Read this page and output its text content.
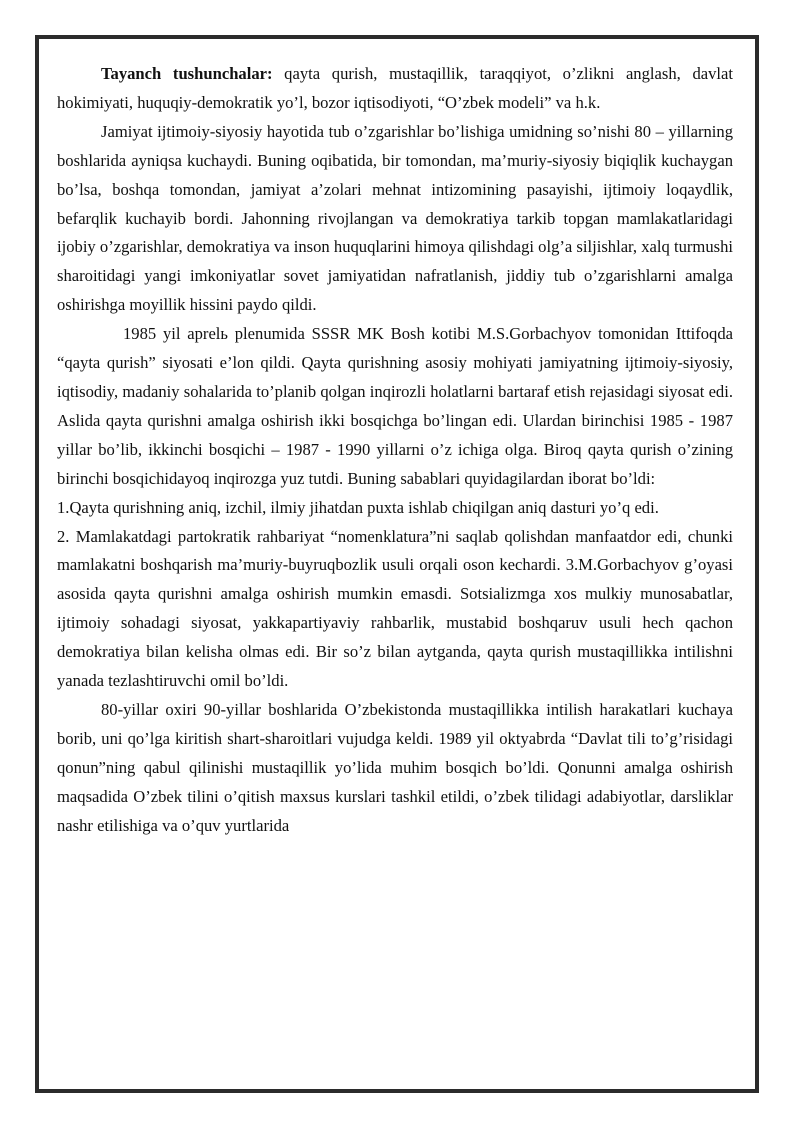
Tayanch tushunchalar: qayta qurish, mustaqillik, taraqqiyot, o’zlikni anglash, davlat hokimiyati, huquqiy-demokratik yo’l, bozor iqtisodiyoti, “O’zbek modeli” va h.k.

Jamiyat ijtimoiy-siyosiy hayotida tub o’zgarishlar bo’lishiga umidning so’nishi 80 – yillarning boshlarida ayniqsa kuchaydi. Buning oqibatida, bir tomondan, ma’muriy-siyosiy biqiqlik kuchaygan bo’lsa, boshqa tomondan, jamiyat a’zolari mehnat intizomining pasayishi, ijtimoiy loqaydlik, befarqlik kuchayib bordi. Jahonning rivojlangan va demokratiya tarkib topgan mamlakatlaridagi ijobiy o’zgarishlar, demokratiya va inson huquqlarini himoya qilishdagi olg’a siljishlar, xalq turmushi sharoitidagi yangi imkoniyatlar sovet jamiyatidan nafratlanish, jiddiy tub o’zgarishlarni amalga oshirishga moyillik hissini paydo qildi.

1985 yil aprelь plenumida SSSR MK Bosh kotibi M.S.Gorbachyov tomonidan Ittifoqda “qayta qurish” siyosati e’lon qildi. Qayta qurishning asosiy mohiyati jamiyatning ijtimoiy-siyosiy, iqtisodiy, madaniy sohalarida to’planib qolgan inqirozli holatlarni bartaraf etish rejasidagi siyosat edi. Aslida qayta qurishni amalga oshirish ikki bosqichga bo’lingan edi. Ulardan birinchisi 1985 - 1987 yillar bo’lib, ikkinchi bosqichi – 1987 - 1990 yillarni o’z ichiga olga. Biroq qayta qurish o’zining birinchi bosqichidayoq inqirozga yuz tutdi. Buning sabablari quyidagilardan iborat bo’ldi:

1.Qayta qurishning aniq, izchil, ilmiy jihatdan puxta ishlab chiqilgan aniq dasturi yo’q edi.

2. Mamlakatdagi partokratik rahbariyat “nomenklatura”ni saqlab qolishdan manfaatdor edi, chunki mamlakatni boshqarish ma’muriy-buyruqbozlik usuli orqali oson kechardi. 3.M.Gorbachyov g’oyasi asosida qayta qurishni amalga oshirish mumkin emasdi. Sotsializmga xos mulkiy munosabatlar, ijtimoiy sohadagi siyosat, yakkapartiyaviy rahbarlik, mustabid boshqaruv usuli hech qachon demokratiya bilan kelisha olmas edi. Bir so’z bilan aytganda, qayta qurish mustaqillikka intilishni yanada tezlashtiruvchi omil bo’ldi.

80-yillar oxiri 90-yillar boshlarida O’zbekistonda mustaqillikka intilish harakatlari kuchaya borib, uni qo’lga kiritish shart-sharoitlari vujudga keldi. 1989 yil oktyabrda “Davlat tili to’g’risidagi qonun”ning qabul qilinishi mustaqillik yo’lida muhim bosqich bo’ldi. Qonunni amalga oshirish maqsadida O’zbek tilini o’qitish maxsus kurslari tashkil etildi, o’zbek tilidagi adabiyotlar, darsliklar nashr etilishiga va o’quv yurtlarida
